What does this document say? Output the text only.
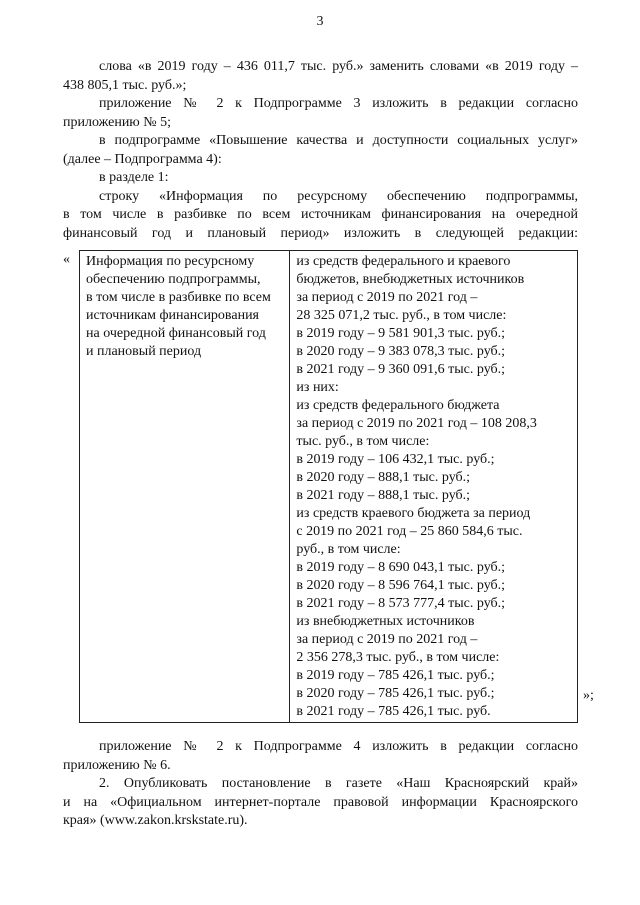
3
слова «в 2019 году – 436 011,7 тыс. руб.» заменить словами «в 2019 году –
438 805,1 тыс. руб.»;
приложение № 2 к Подпрограмме 3 изложить в редакции согласно
приложению № 5;
в подпрограмме «Повышение качества и доступности социальных услуг»
(далее – Подпрограмма 4):
в разделе 1:
строку «Информация по ресурсному обеспечению подпрограммы,
в том числе в разбивке по всем источникам финансирования на очередной
финансовый год и плановый период» изложить в следующей редакции:
« Информация по ресурсному
обеспечению подпрограммы,
в том числе в разбивке по всем
источникам финансирования
на очередной финансовый год
и плановый период

из средств федерального и краевого
бюджетов, внебюджетных источников
за период с 2019 по 2021 год –
28 325 071,2 тыс. руб., в том числе:
в 2019 году – 9 581 901,3 тыс. руб.;
в 2020 году – 9 383 078,3 тыс. руб.;
в 2021 году – 9 360 091,6 тыс. руб.;
из них:
из средств федерального бюджета
за период с 2019 по 2021 год – 108 208,3
тыс. руб., в том числе:
в 2019 году – 106 432,1 тыс. руб.;
в 2020 году – 888,1 тыс. руб.;
в 2021 году – 888,1 тыс. руб.;
из средств краевого бюджета за период
с 2019 по 2021 год – 25 860 584,6 тыс.
руб., в том числе:
в 2019 году – 8 690 043,1 тыс. руб.;
в 2020 году – 8 596 764,1 тыс. руб.;
в 2021 году – 8 573 777,4 тыс. руб.;
из внебюджетных источников
за период с 2019 по 2021 год –
2 356 278,3 тыс. руб., в том числе:
в 2019 году – 785 426,1 тыс. руб.;
в 2020 году – 785 426,1 тыс. руб.;
в 2021 году – 785 426,1 тыс. руб.
»;
приложение № 2 к Подпрограмме 4 изложить в редакции согласно
приложению № 6.
2. Опубликовать постановление в газете «Наш Красноярский край»
и на «Официальном интернет-портале правовой информации Красноярского
края» (www.zakon.krskstate.ru).
